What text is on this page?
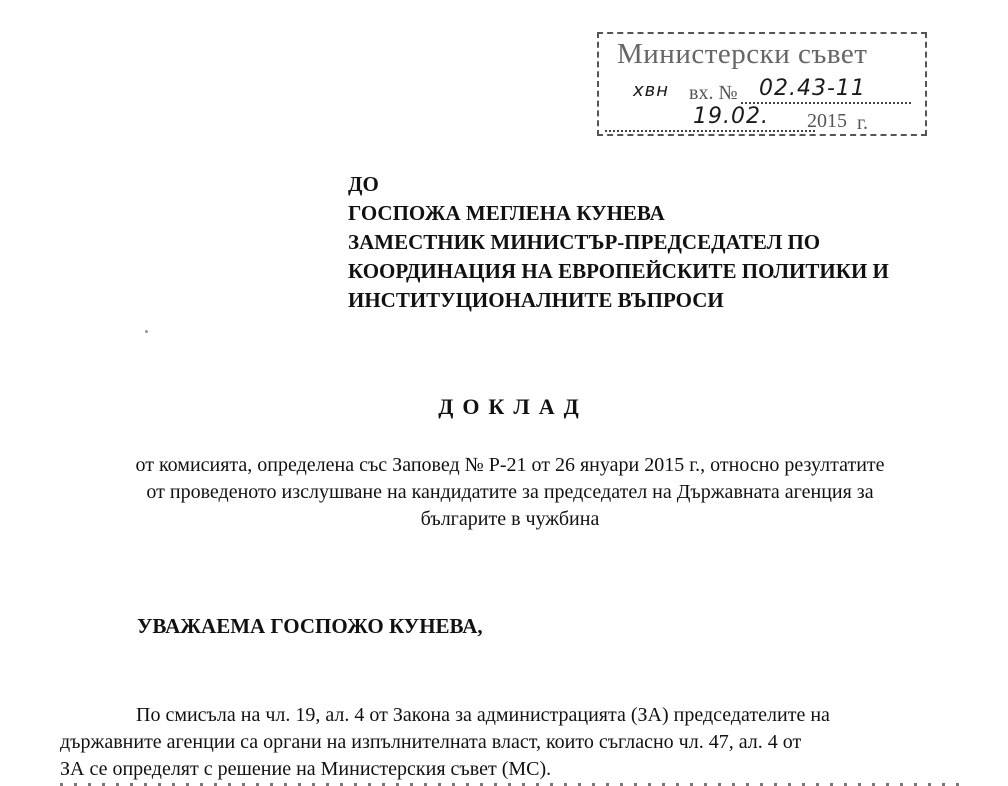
Министерски съвет
хвн вх. № 02.43-11
19.02. 2015 г.
ДО
ГОСПОЖА МЕГЛЕНА КУНЕВА
ЗАМЕСТНИК МИНИСТЪР-ПРЕДСЕДАТЕЛ ПО
КООРДИНАЦИЯ НА ЕВРОПЕЙСКИТЕ ПОЛИТИКИ И
ИНСТИТУЦИОНАЛНИТЕ ВЪПРОСИ
ДОКЛАД
от комисията, определена със Заповед № Р-21 от 26 януари 2015 г., относно резултатите
от проведеното изслушване на кандидатите за председател на Държавната агенция за
българите в чужбина
УВАЖАЕМА ГОСПОЖО КУНЕВА,
По смисъла на чл. 19, ал. 4 от Закона за администрацията (ЗА) председателите на
държавните агенции са органи на изпълнителната власт, които съгласно чл. 47, ал. 4 от
ЗА се определят с решение на Министерския съвет (МС).
